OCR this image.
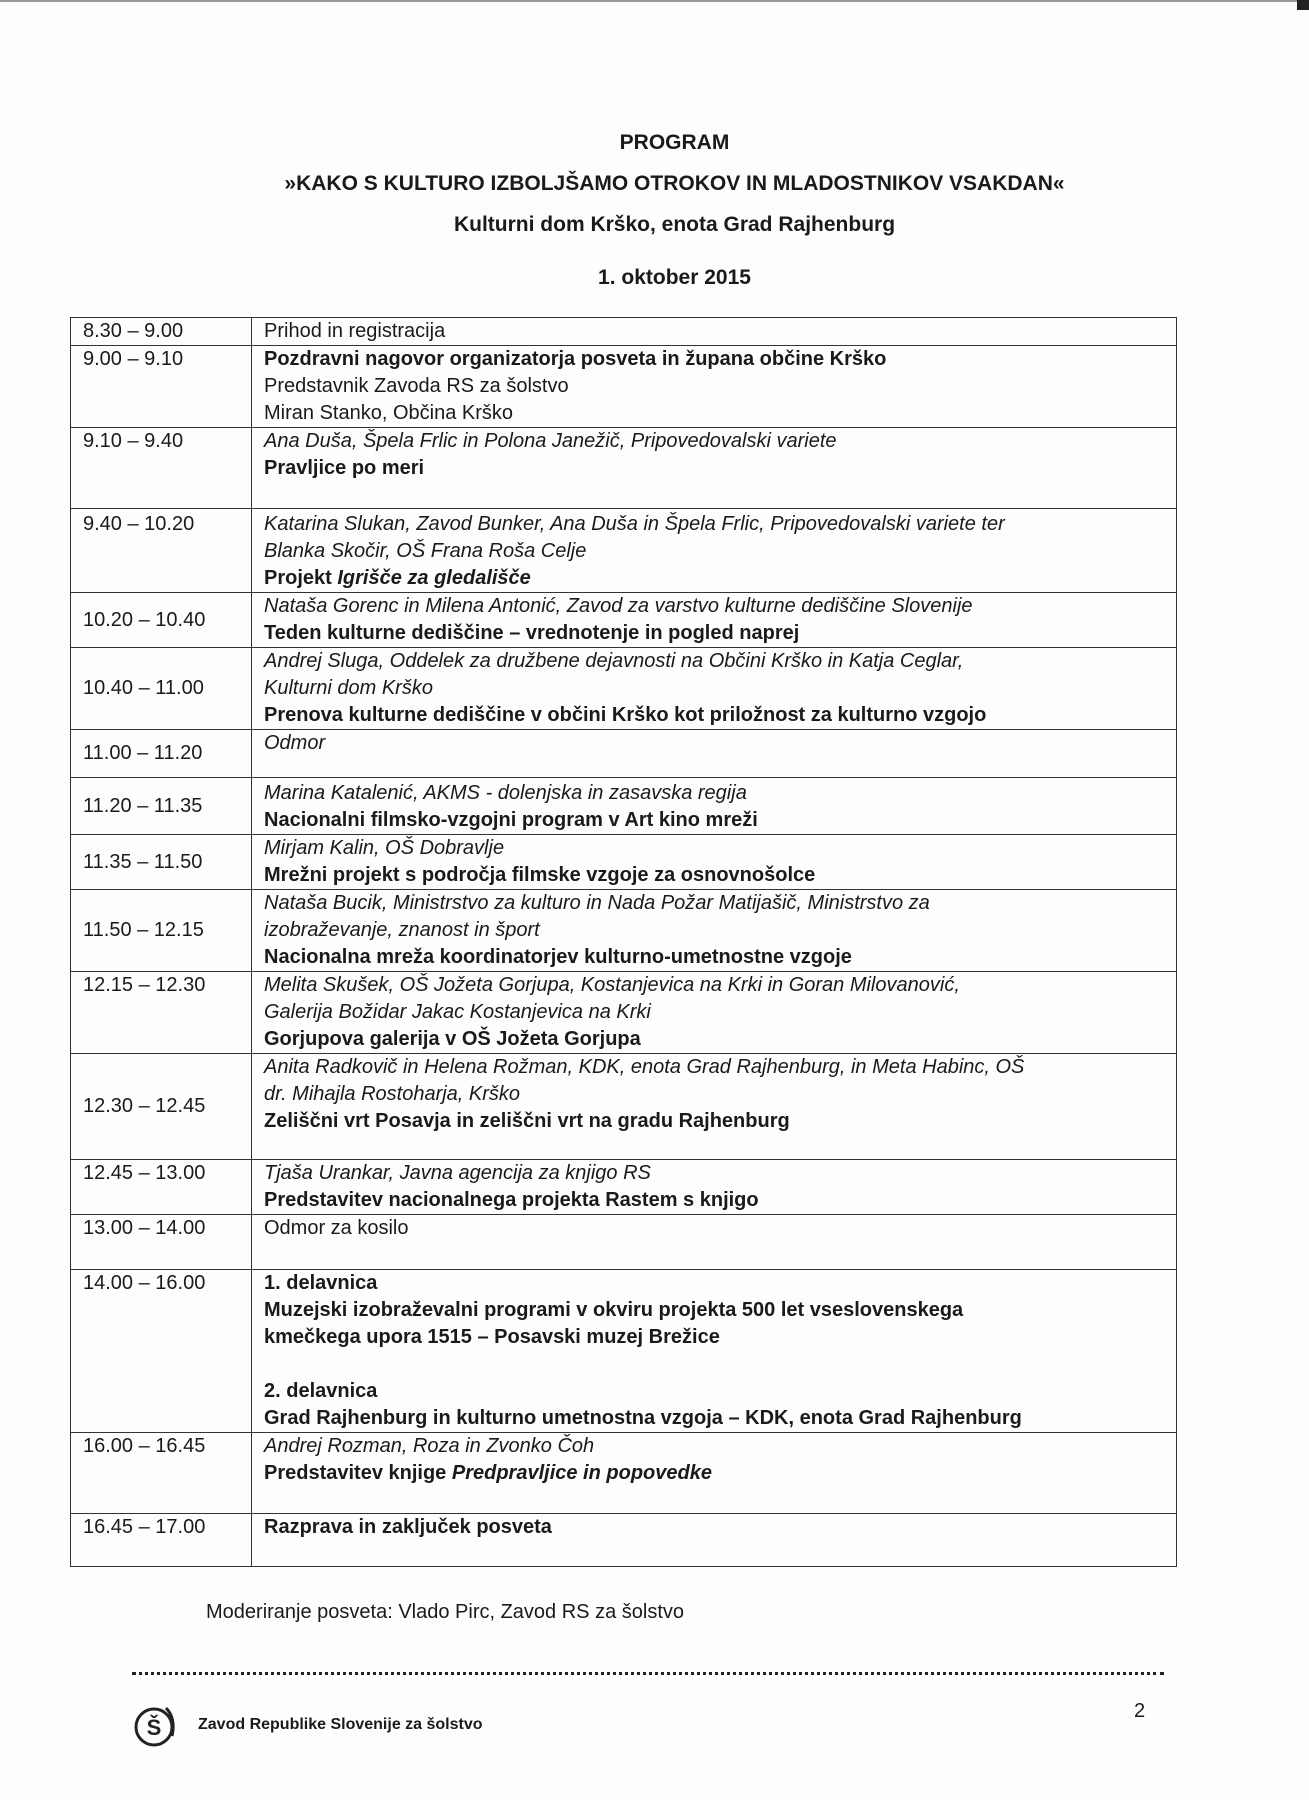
PROGRAM
»KAKO S KULTURO IZBOLJŠAMO OTROKOV IN MLADOSTNIKOV VSAKDAN«
Kulturni dom Krško, enota Grad Rajhenburg
1. oktober 2015
8.30 – 9.00	Prihod in registracija

9.00 – 9.10	Pozdravni nagovor organizatorja posveta in župana občine Krško
Predstavnik Zavoda RS za šolstvo
Miran Stanko, Občina Krško

9.10 – 9.40	Ana Duša, Špela Frlic in Polona Janežič, Pripovedovalski variete
Pravljice po meri

9.40 – 10.20	Katarina Slukan, Zavod Bunker, Ana Duša in Špela Frlic, Pripovedovalski variete ter
Blanka Skočir, OŠ Frana Roša Celje
Projekt Igrišče za gledališče

10.20 – 10.40	Nataša Gorenc in Milena Antonić, Zavod za varstvo kulturne dediščine Slovenije
Teden kulturne dediščine – vrednotenje in pogled naprej

10.40 – 11.00	Andrej Sluga, Oddelek za družbene dejavnosti na Občini Krško in Katja Ceglar,
Kulturni dom Krško
Prenova kulturne dediščine v občini Krško kot priložnost za kulturno vzgojo

11.00 – 11.20	Odmor

11.20 – 11.35	Marina Katalenić, AKMS - dolenjska in zasavska regija
Nacionalni filmsko-vzgojni program v Art kino mreži

11.35 – 11.50	Mirjam Kalin, OŠ Dobravlje
Mrežni projekt s področja filmske vzgoje za osnovnošolce

11.50 – 12.15	Nataša Bucik, Ministrstvo za kulturo in Nada Požar Matijašič, Ministrstvo za
izobraževanje, znanost in šport
Nacionalna mreža koordinatorjev kulturno-umetnostne vzgoje

12.15 – 12.30	Melita Skušek, OŠ Jožeta Gorjupa, Kostanjevica na Krki in Goran Milovanović,
Galerija Božidar Jakac Kostanjevica na Krki
Gorjupova galerija v OŠ Jožeta Gorjupa

12.30 – 12.45	Anita Radkovič in Helena Rožman, KDK, enota Grad Rajhenburg, in Meta Habinc, OŠ
dr. Mihajla Rostoharja, Krško
Zeliščni vrt Posavja in zeliščni vrt na gradu Rajhenburg

12.45 – 13.00	Tjaša Urankar, Javna agencija za knjigo RS
Predstavitev nacionalnega projekta Rastem s knjigo

13.00 – 14.00	Odmor za kosilo

14.00 – 16.00	1. delavnica
Muzejski izobraževalni programi v okviru projekta 500 let vseslovenskega
kmečkega upora 1515 – Posavski muzej Brežice
2. delavnica
Grad Rajhenburg in kulturno umetnostna vzgoja – KDK, enota Grad Rajhenburg

16.00 – 16.45	Andrej Rozman, Roza in Zvonko Čoh
Predstavitev knjige Predpravljice in popovedke

16.45 – 17.00	Razprava in zaključek posveta
Moderiranje posveta: Vlado Pirc, Zavod RS za šolstvo
Š Zavod Republike Slovenije za šolstvo
2
